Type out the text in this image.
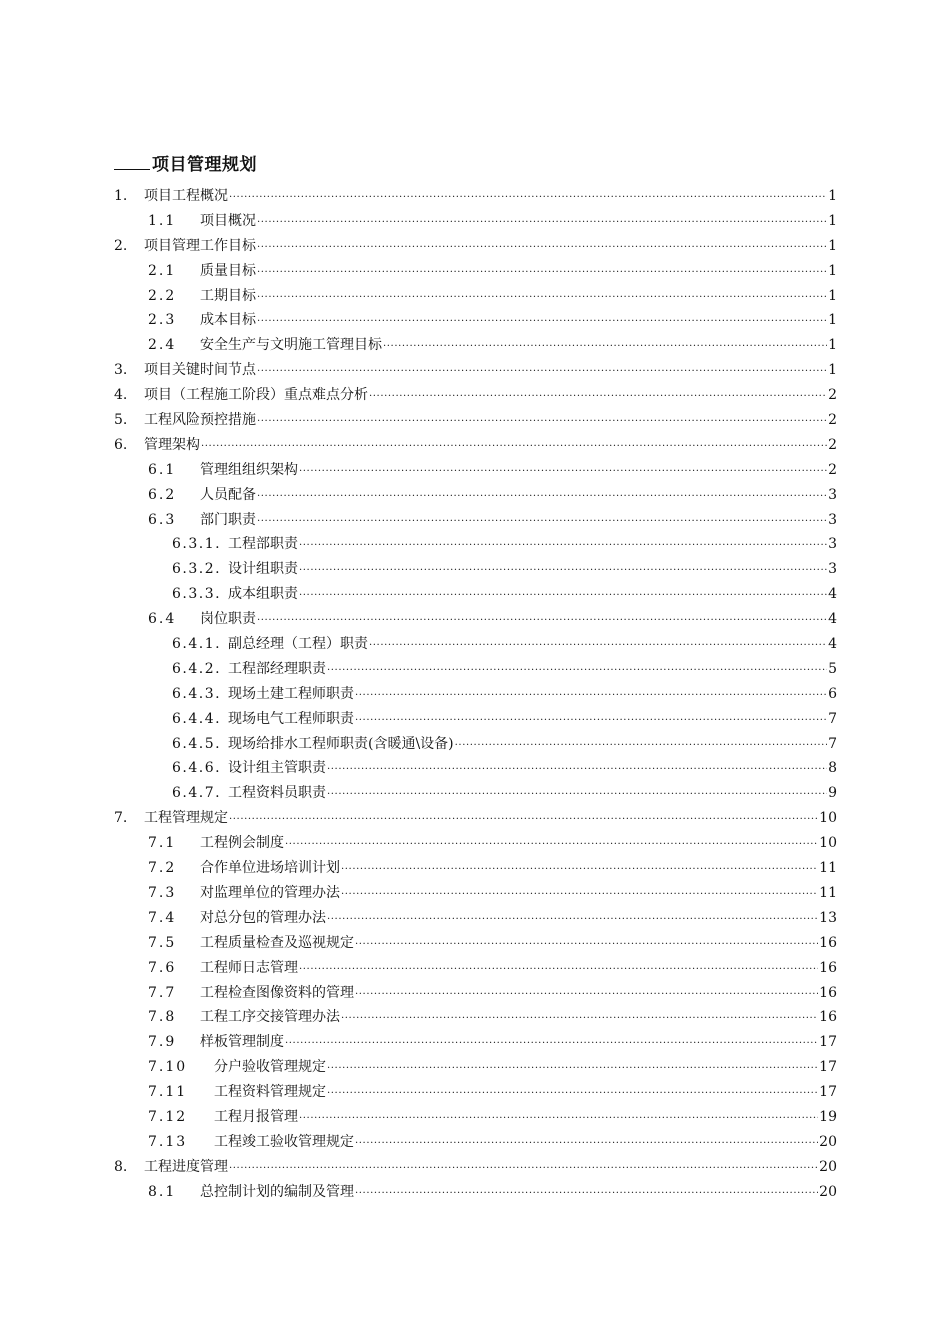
项目管理规划
1.	项目工程概况 .....	1
1.1	项目概况 .....	1
2.	项目管理工作目标 .....	1
2.1	质量目标 .....	1
2.2	工期目标 .....	1
2.3	成本目标 .....	1
2.4	安全生产与文明施工管理目标 .....	1
3.	项目关键时间节点 .....	1
4.	项目（工程施工阶段）重点难点分析 .....	2
5.	工程风险预控措施 .....	2
6.	管理架构 .....	2
6.1	管理组组织架构 .....	2
6.2	人员配备 .....	3
6.3	部门职责 .....	3
6.3.1. 工程部职责 .....	3
6.3.2. 设计组职责 .....	3
6.3.3. 成本组职责 .....	4
6.4	岗位职责 .....	4
6.4.1. 副总经理（工程）职责 .....	4
6.4.2. 工程部经理职责 .....	5
6.4.3. 现场土建工程师职责 .....	6
6.4.4. 现场电气工程师职责 .....	7
6.4.5. 现场给排水工程师职责(含暖通\设备) .....	7
6.4.6. 设计组主管职责 .....	8
6.4.7. 工程资料员职责 .....	9
7.	工程管理规定 .....	10
7.1	工程例会制度 .....	10
7.2	合作单位进场培训计划 .....	11
7.3	对监理单位的管理办法 .....	11
7.4	对总分包的管理办法 .....	13
7.5	工程质量检查及巡视规定 .....	16
7.6	工程师日志管理 .....	16
7.7	工程检查图像资料的管理 .....	16
7.8	工程工序交接管理办法 .....	16
7.9	样板管理制度 .....	17
7.10	分户验收管理规定 .....	17
7.11	工程资料管理规定 .....	17
7.12	工程月报管理 .....	19
7.13	工程竣工验收管理规定 .....	20
8.	工程进度管理 .....	20
8.1	总控制计划的编制及管理 .....	20
